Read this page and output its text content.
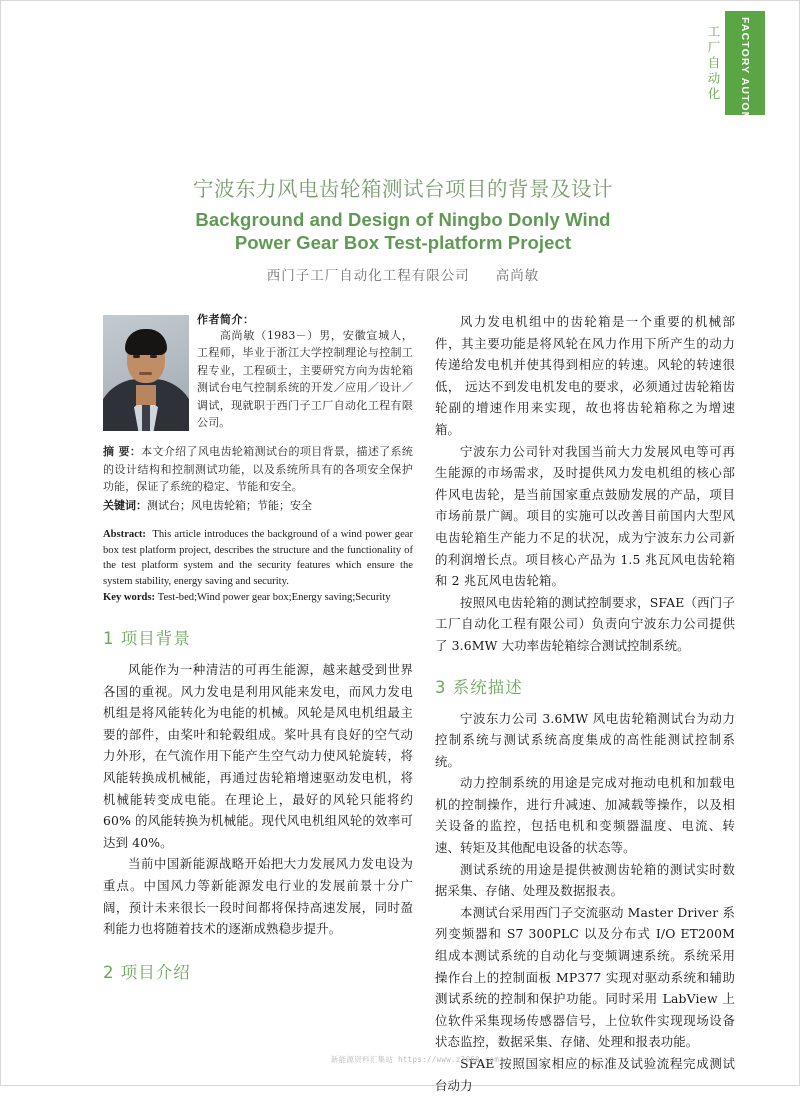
FACTORY AUTOMATION
工厂自动化
宁波东力风电齿轮箱测试台项目的背景及设计
Background and Design of Ningbo Donly Wind
Power Gear Box Test-platform Project
西门子工厂自动化工程有限公司 高尚敏
作者简介：
高尚敏（1983－）男，安徽宣城人，工程师，毕业于浙江大学控制理论与控制工程专业，工程硕士，主要研究方向为齿轮箱测试台电气控制系统的开发／应用／设计／调试，现就职于西门子工厂自动化工程有限公司。
摘 要：本文介绍了风电齿轮箱测试台的项目背景，描述了系统的设计结构和控制测试功能，以及系统所具有的各项安全保护功能，保证了系统的稳定、节能和安全。
关键词：测试台；风电齿轮箱；节能；安全
Abstract: This article introduces the background of a wind power gear box test platform project, describes the structure and the functionality of the test platform system and the security features which ensure the system stability, energy saving and security.
Key words: Test-bed;Wind power gear box;Energy saving;Security
1 项目背景

风能作为一种清洁的可再生能源，越来越受到世界各国的重视。风力发电是利用风能来发电，而风力发电机组是将风能转化为电能的机械。风轮是风电机组最主要的部件，由桨叶和轮毂组成。桨叶具有良好的空气动力外形，在气流作用下能产生空气动力使风轮旋转，将风能转换成机械能，再通过齿轮箱增速驱动发电机，将机械能转变成电能。在理论上，最好的风轮只能将约 60% 的风能转换为机械能。现代风电机组风轮的效率可达到 40%。

当前中国新能源战略开始把大力发展风力发电设为重点。中国风力等新能源发电行业的发展前景十分广阔，预计未来很长一段时间都将保持高速发展，同时盈利能力也将随着技术的逐渐成熟稳步提升。

2 项目介绍

风力发电机组中的齿轮箱是一个重要的机械部件，其主要功能是将风轮在风力作用下所产生的动力传递给发电机并使其得到相应的转速。风轮的转速很低， 远达不到发电机发电的要求，必须通过齿轮箱齿轮副的增速作用来实现，故也将齿轮箱称之为增速箱。

宁波东力公司针对我国当前大力发展风电等可再生能源的市场需求，及时提供风力发电机组的核心部件风电齿轮，是当前国家重点鼓励发展的产品，项目市场前景广阔。项目的实施可以改善目前国内大型风电齿轮箱生产能力不足的状况，成为宁波东力公司新的利润增长点。项目核心产品为 1.5 兆瓦风电齿轮箱和 2 兆瓦风电齿轮箱。

按照风电齿轮箱的测试控制要求，SFAE（西门子工厂自动化工程有限公司）负责向宁波东力公司提供了 3.6MW 大功率齿轮箱综合测试控制系统。

3 系统描述

宁波东力公司 3.6MW 风电齿轮箱测试台为动力控制系统与测试系统高度集成的高性能测试控制系统。

动力控制系统的用途是完成对拖动电机和加载电机的控制操作，进行升减速、加减载等操作，以及相关设备的监控，包括电机和变频器温度、电流、转速、转矩及其他配电设备的状态等。

测试系统的用途是提供被测齿轮箱的测试实时数据采集、存储、处理及数据报表。

本测试台采用西门子交流驱动 Master Driver 系列变频器和 S7 300PLC 以及分布式 I/O ET200M 组成本测试系统的自动化与变频调速系统。系统采用操作台上的控制面板 MP377 实现对驱动系统和辅助测试系统的控制和保护功能。同时采用 LabView 上位软件采集现场传感器信号，上位软件实现现场设备状态监控，数据采集、存储、处理和报表功能。

SFAE 按照国家相应的标准及试验流程完成测试台动力

新能源资料汇集站 https://www.z3060.com
